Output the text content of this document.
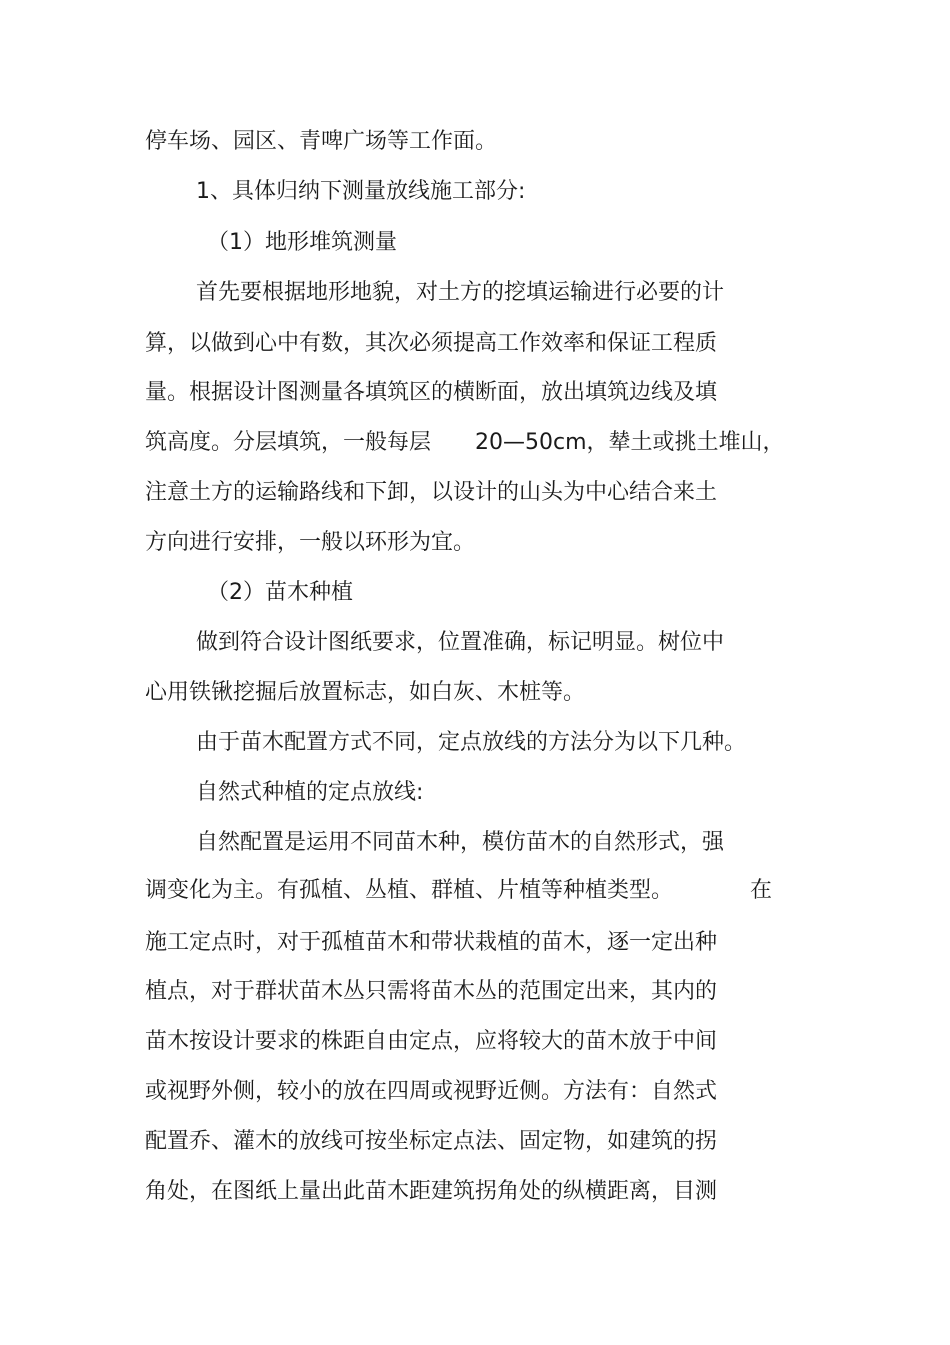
停车场、园区、青啤广场等工作面。
1、具体归纳下测量放线施工部分:
（1）地形堆筑测量
首先要根据地形地貌，对土方的挖填运输进行必要的计
算，以做到心中有数，其次必须提高工作效率和保证工程质
量。根据设计图测量各填筑区的横断面，放出填筑边线及填
筑高度。分层填筑，一般每层　　20—50cm，辇土或挑土堆山，
注意土方的运输路线和下卸，以设计的山头为中心结合来土
方向进行安排，一般以环形为宜。
（2）苗木种植
做到符合设计图纸要求，位置准确，标记明显。树位中
心用铁锹挖掘后放置标志，如白灰、木桩等。
由于苗木配置方式不同，定点放线的方法分为以下几种。
自然式种植的定点放线:
自然配置是运用不同苗木种，模仿苗木的自然形式，强
调变化为主。有孤植、丛植、群植、片植等种植类型。　　　　在
施工定点时，对于孤植苗木和带状栽植的苗木，逐一定出种
植点，对于群状苗木丛只需将苗木丛的范围定出来，其内的
苗木按设计要求的株距自由定点，应将较大的苗木放于中间
或视野外侧，较小的放在四周或视野近侧。方法有：自然式
配置乔、灌木的放线可按坐标定点法、固定物，如建筑的拐
角处，在图纸上量出此苗木距建筑拐角处的纵横距离，目测
